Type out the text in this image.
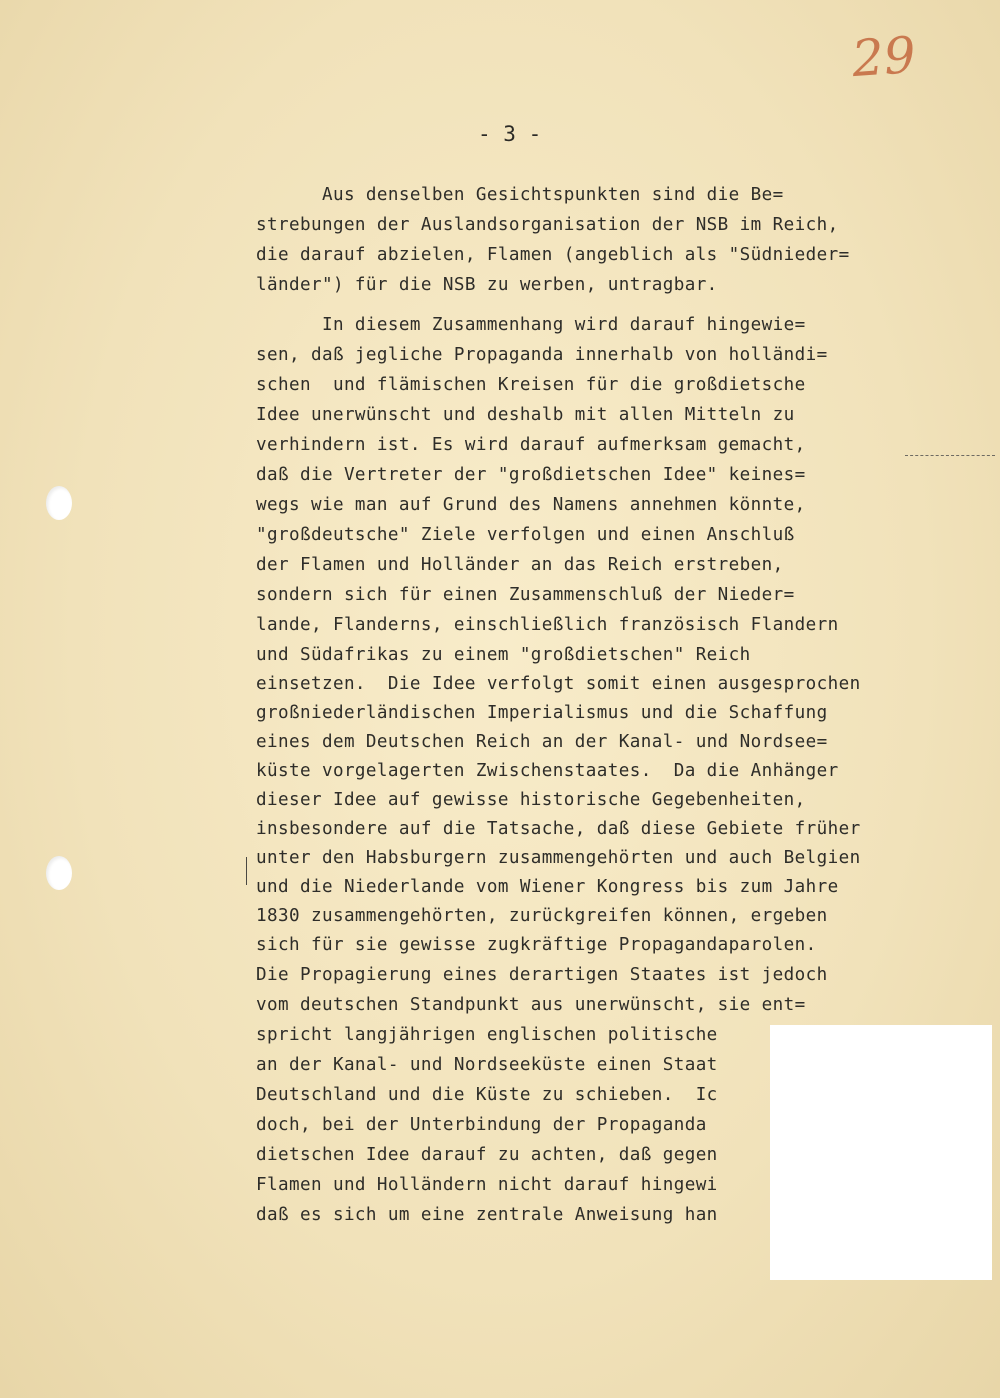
29
- 3 -
Aus denselben Gesichtspunkten sind die Be=
strebungen der Auslandsorganisation der NSB im Reich,
die darauf abzielen, Flamen (angeblich als "Südnieder=
länder") für die NSB zu werben, untragbar.
In diesem Zusammenhang wird darauf hingewie=
sen, daß jegliche Propaganda innerhalb von holländi=
schen  und flämischen Kreisen für die großdietsche
Idee unerwünscht und deshalb mit allen Mitteln zu
verhindern ist. Es wird darauf aufmerksam gemacht,
daß die Vertreter der "großdietschen Idee" keines=
wegs wie man auf Grund des Namens annehmen könnte,
"großdeutsche" Ziele verfolgen und einen Anschluß
der Flamen und Holländer an das Reich erstreben,
sondern sich für einen Zusammenschluß der Nieder=
lande, Flanderns, einschließlich französisch Flandern
und Südafrikas zu einem "großdietschen" Reich
einsetzen.  Die Idee verfolgt somit einen ausgesprochen
großniederländischen Imperialismus und die Schaffung
eines dem Deutschen Reich an der Kanal- und Nordsee=
küste vorgelagerten Zwischenstaates.  Da die Anhänger
dieser Idee auf gewisse historische Gegebenheiten,
insbesondere auf die Tatsache, daß diese Gebiete früher
unter den Habsburgern zusammengehörten und auch Belgien
und die Niederlande vom Wiener Kongress bis zum Jahre
1830 zusammengehörten, zurückgreifen können, ergeben
sich für sie gewisse zugkräftige Propagandaparolen.
Die Propagierung eines derartigen Staates ist jedoch
vom deutschen Standpunkt aus unerwünscht, sie ent=
spricht langjährigen englischen politische
an der Kanal- und Nordseeküste einen Staat
Deutschland und die Küste zu schieben.  Ic
doch, bei der Unterbindung der Propaganda
dietschen Idee darauf zu achten, daß gegen
Flamen und Holländern nicht darauf hingewi
daß es sich um eine zentrale Anweisung han
